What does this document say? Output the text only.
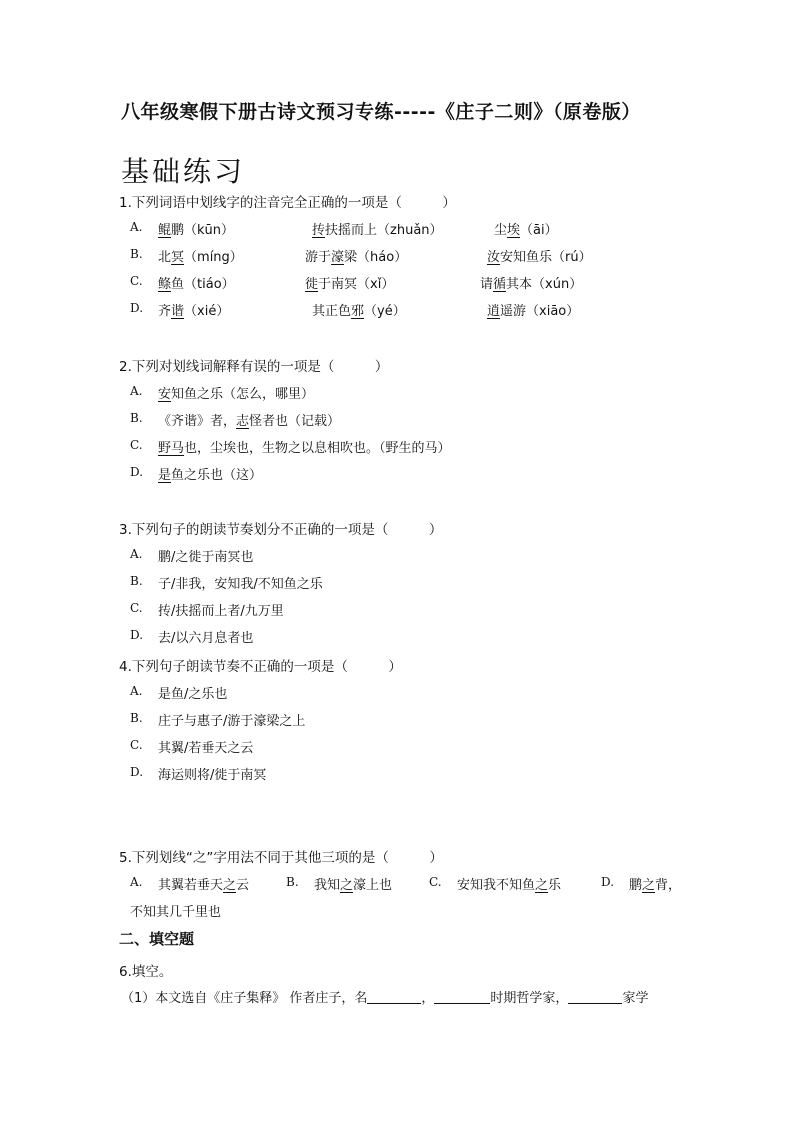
八年级寒假下册古诗文预习专练-----《庄子二则》（原卷版）
基础练习
1.下列词语中划线字的注音完全正确的一项是（　　　）
A. 鲲鹏（kūn）	抟扶摇而上（zhuǎn）	尘埃（āi）
B. 北冥（míng）	游于濠梁（háo）	汝安知鱼乐（rú）
C. 鲦鱼（tiáo）	徙于南冥（xǐ）	请循其本（xún）
D. 齐谐（xié）	其正色邪（yé）	逍遥游（xiāo）
2.下列对划线词解释有误的一项是（　　　）
A. 安知鱼之乐（怎么，哪里）
B. 《齐谐》者，志怪者也（记载）
C. 野马也，尘埃也，生物之以息相吹也。（野生的马）
D. 是鱼之乐也（这）
3.下列句子的朗读节奏划分不正确的一项是（　　　）
A. 鹏/之徙于南冥也
B. 子/非我，安知我/不知鱼之乐
C. 抟/扶摇而上者/九万里
D. 去/以六月息者也
4.下列句子朗读节奏不正确的一项是（　　　）
A. 是鱼/之乐也
B. 庄子与惠子/游于濠梁之上
C. 其翼/若垂天之云
D. 海运则将/徙于南冥
5.下列划线“之”字用法不同于其他三项的是（　　　）
A. 其翼若垂天之云	B. 我知之濠上也	C. 安知我不知鱼之乐	D. 鹏之背，
不知其几千里也
二、填空题
6.填空。
（1）本文选自《庄子集释》 作者庄子，名	，	时期哲学家，	家学
